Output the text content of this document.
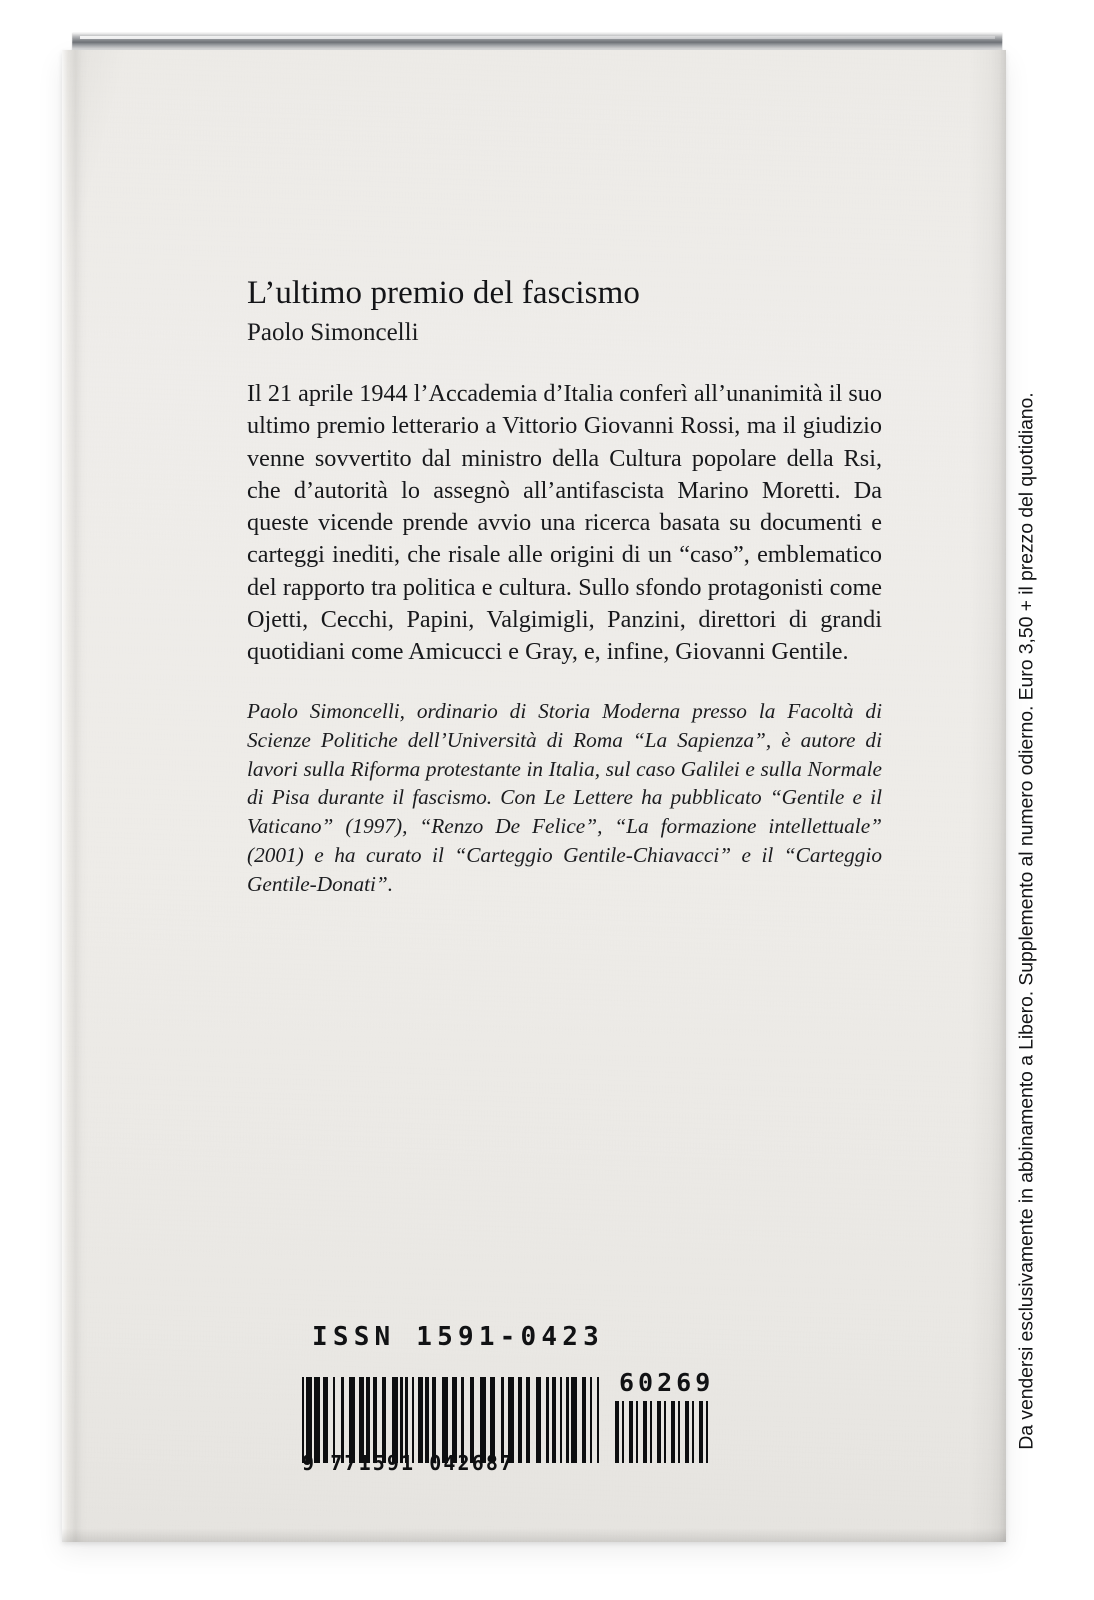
L’ultimo premio del fascismo
Paolo Simoncelli

Il 21 aprile 1944 l’Accademia d’Italia conferì all’unanimità il suo ultimo premio letterario a Vittorio Giovanni Rossi, ma il giudizio venne sovvertito dal ministro della Cultura popolare della Rsi, che d’autorità lo assegnò all’antifascista Marino Moretti. Da queste vicende prende avvio una ricerca basata su documenti e carteggi inediti, che risale alle origini di un “caso”, emblematico del rapporto tra politica e cultura. Sullo sfondo protagonisti come Ojetti, Cecchi, Papini, Valgimigli, Panzini, direttori di grandi quotidiani come Amicucci e Gray, e, infine, Giovanni Gentile.

Paolo Simoncelli, ordinario di Storia Moderna presso la Facoltà di Scienze Politiche dell’Università di Roma “La Sapienza”, è autore di lavori sulla Riforma protestante in Italia, sul caso Galilei e sulla Normale di Pisa durante il fascismo. Con Le Lettere ha pubblicato “Gentile e il Vaticano” (1997), “Renzo De Felice”, “La formazione intellettuale” (2001) e ha curato il “Carteggio Gentile-Chiavacci” e il “Carteggio Gentile-Donati”.

ISSN 1591-0423
60269
9 771591 042687
Da vendersi esclusivamente in abbinamento a Libero. Supplemento al numero odierno. Euro 3,50 + il prezzo del quotidiano.
